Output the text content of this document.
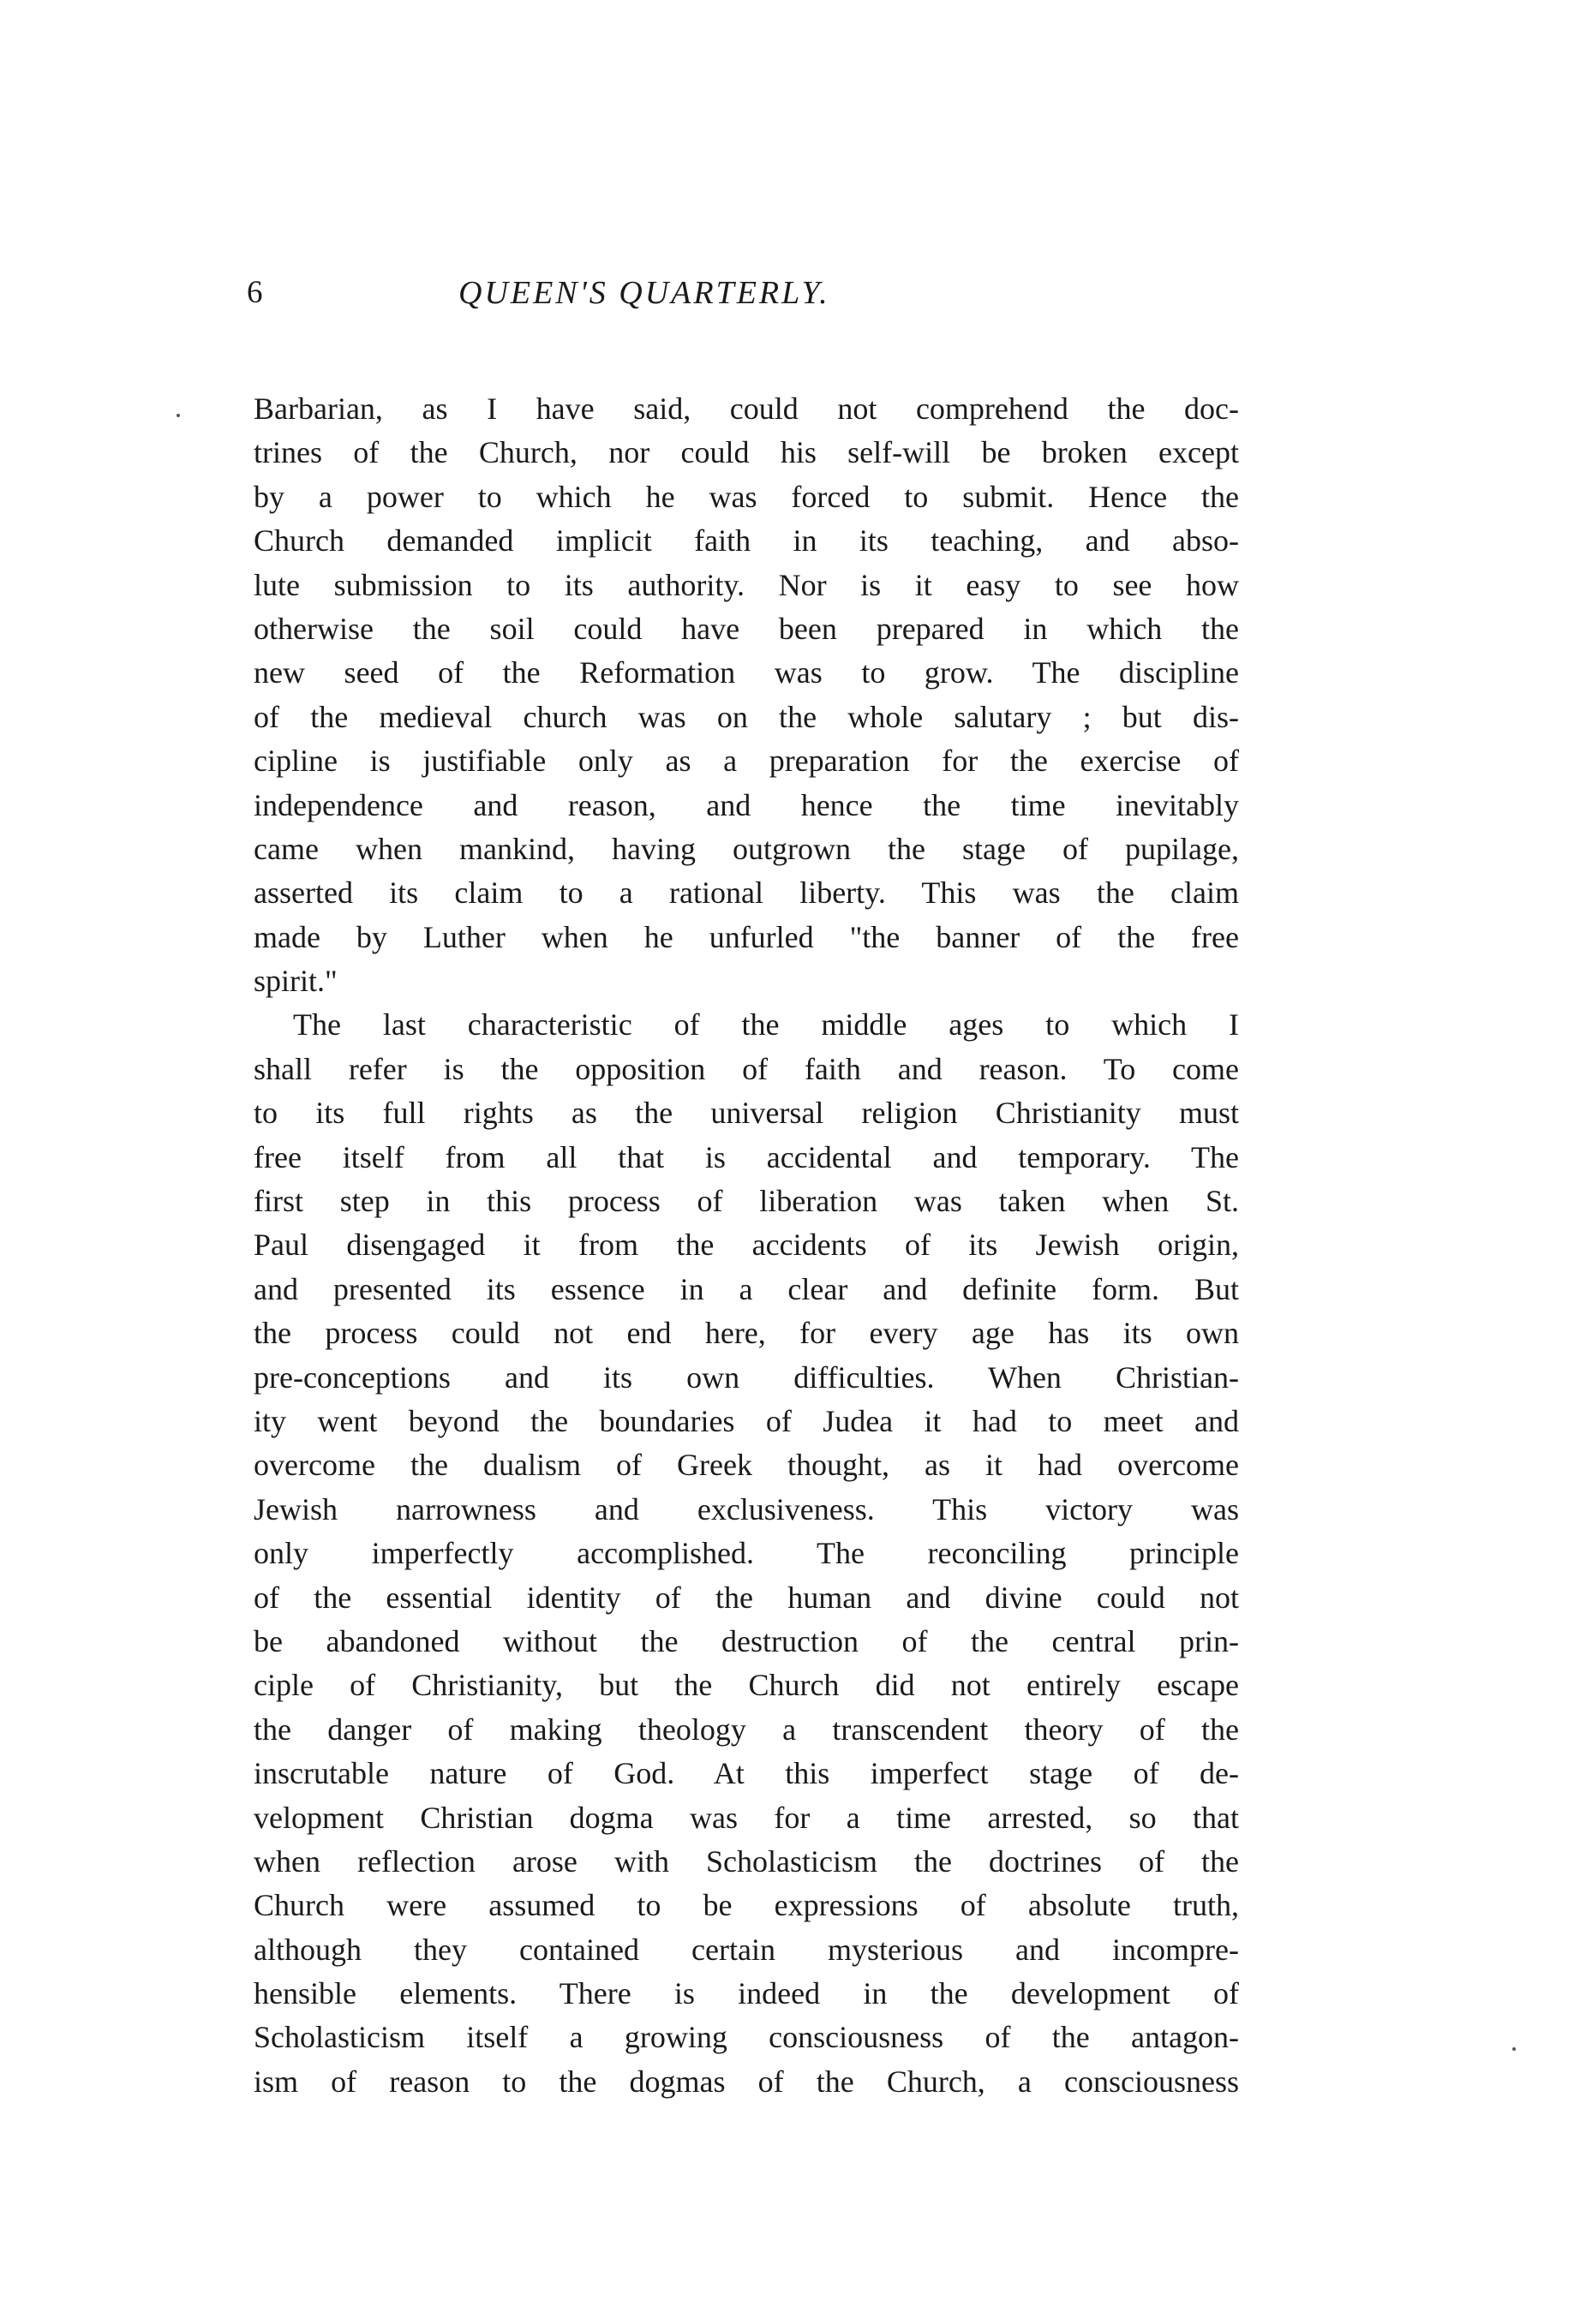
6	QUEEN'S QUARTERLY.
Barbarian, as I have said, could not comprehend the doc-
trines of the Church, nor could his self-will be broken except
by a power to which he was forced to submit. Hence the
Church demanded implicit faith in its teaching, and abso-
lute submission to its authority. Nor is it easy to see how
otherwise the soil could have been prepared in which the
new seed of the Reformation was to grow. The discipline
of the medieval church was on the whole salutary ; but dis-
cipline is justifiable only as a preparation for the exercise of
independence and reason, and hence the time inevitably
came when mankind, having outgrown the stage of pupilage,
asserted its claim to a rational liberty. This was the claim
made by Luther when he unfurled "the banner of the free
spirit."
The last characteristic of the middle ages to which I
shall refer is the opposition of faith and reason. To come
to its full rights as the universal religion Christianity must
free itself from all that is accidental and temporary. The
first step in this process of liberation was taken when St.
Paul disengaged it from the accidents of its Jewish origin,
and presented its essence in a clear and definite form. But
the process could not end here, for every age has its own
pre-conceptions and its own difficulties. When Christian-
ity went beyond the boundaries of Judea it had to meet and
overcome the dualism of Greek thought, as it had overcome
Jewish narrowness and exclusiveness. This victory was
only imperfectly accomplished. The reconciling principle
of the essential identity of the human and divine could not
be abandoned without the destruction of the central prin-
ciple of Christianity, but the Church did not entirely escape
the danger of making theology a transcendent theory of the
inscrutable nature of God. At this imperfect stage of de-
velopment Christian dogma was for a time arrested, so that
when reflection arose with Scholasticism the doctrines of the
Church were assumed to be expressions of absolute truth,
although they contained certain mysterious and incompre-
hensible elements. There is indeed in the development of
Scholasticism itself a growing consciousness of the antagon-
ism of reason to the dogmas of the Church, a consciousness
